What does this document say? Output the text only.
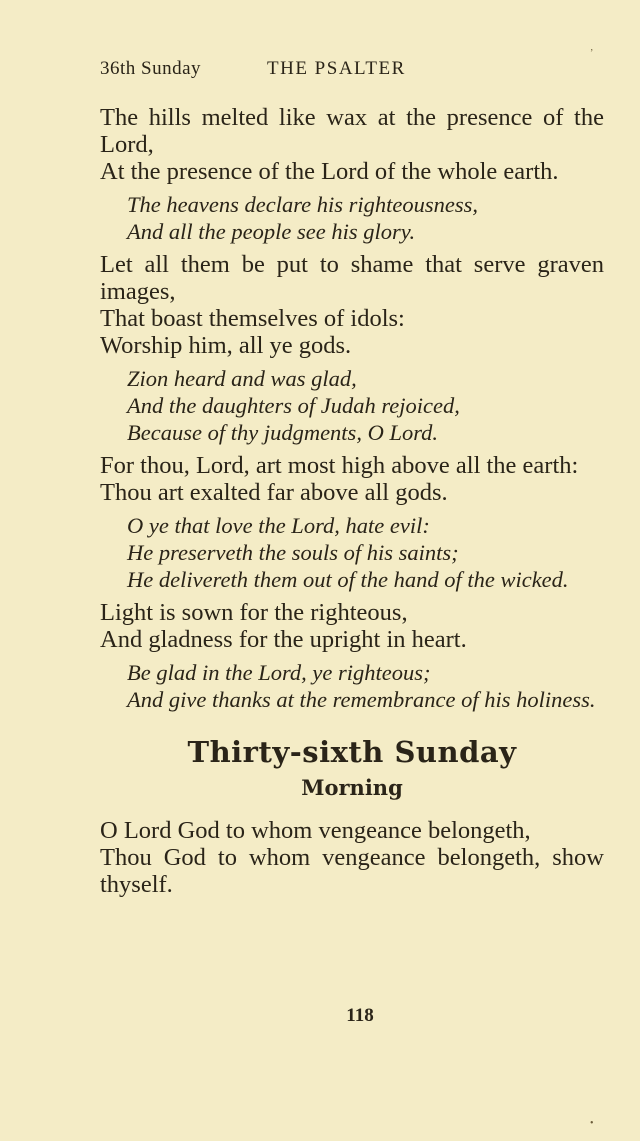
36th Sunday	THE PSALTER

The hills melted like wax at the presence of the Lord,

At the presence of the Lord of the whole earth.

The heavens declare his righteousness,

And all the people see his glory.

Let all them be put to shame that serve graven images,

That boast themselves of idols:

Worship him, all ye gods.

Zion heard and was glad,

And the daughters of Judah rejoiced,

Because of thy judgments, O Lord.

For thou, Lord, art most high above all the earth:

Thou art exalted far above all gods.

O ye that love the Lord, hate evil:

He preserveth the souls of his saints;

He delivereth them out of the hand of the wicked.

Light is sown for the righteous,

And gladness for the upright in heart.

Be glad in the Lord, ye righteous;

And give thanks at the remembrance of his holiness.

Thirty-sixth Sunday
Morning

O Lord God to whom vengeance belongeth,

Thou God to whom vengeance belongeth, show thyself.

118
ʼ
•
